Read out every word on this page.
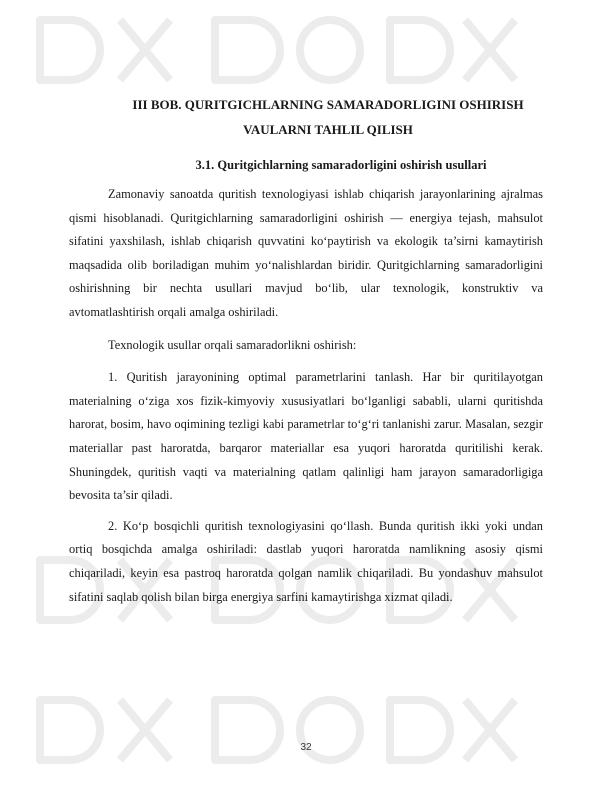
III BOB. QURITGICHLARNING SAMARADORLIGINI OSHIRISH VAULARNI TAHLIL QILISH
3.1. Quritgichlarning samaradorligini oshirish usullari

Zamonaviy sanoatda quritish texnologiyasi ishlab chiqarish jarayonlarining ajralmas qismi hisoblanadi. Quritgichlarning samaradorligini oshirish — energiya tejash, mahsulot sifatini yaxshilash, ishlab chiqarish quvvatini ko‘paytirish va ekologik ta’sirni kamaytirish maqsadida olib boriladigan muhim yo‘nalishlardan biridir. Quritgichlarning samaradorligini oshirishning bir nechta usullari mavjud bo‘lib, ular texnologik, konstruktiv va avtomatlashtirish orqali amalga oshiriladi.

Texnologik usullar orqali samaradorlikni oshirish:

1. Quritish jarayonining optimal parametrlarini tanlash. Har bir quritilayotgan materialning o‘ziga xos fizik-kimyoviy xususiyatlari bo‘lganligi sababli, ularni quritishda harorat, bosim, havo oqimining tezligi kabi parametrlar to‘g‘ri tanlanishi zarur. Masalan, sezgir materiallar past haroratda, barqaror materiallar esa yuqori haroratda quritilishi kerak. Shuningdek, quritish vaqti va materialning qatlam qalinligi ham jarayon samaradorligiga bevosita ta’sir qiladi.

2. Ko‘p bosqichli quritish texnologiyasini qo‘llash. Bunda quritish ikki yoki undan ortiq bosqichda amalga oshiriladi: dastlab yuqori haroratda namlikning asosiy qismi chiqariladi, keyin esa pastroq haroratda qolgan namlik chiqariladi. Bu yondashuv mahsulot sifatini saqlab qolish bilan birga energiya sarfini kamaytirishga xizmat qiladi.

32
